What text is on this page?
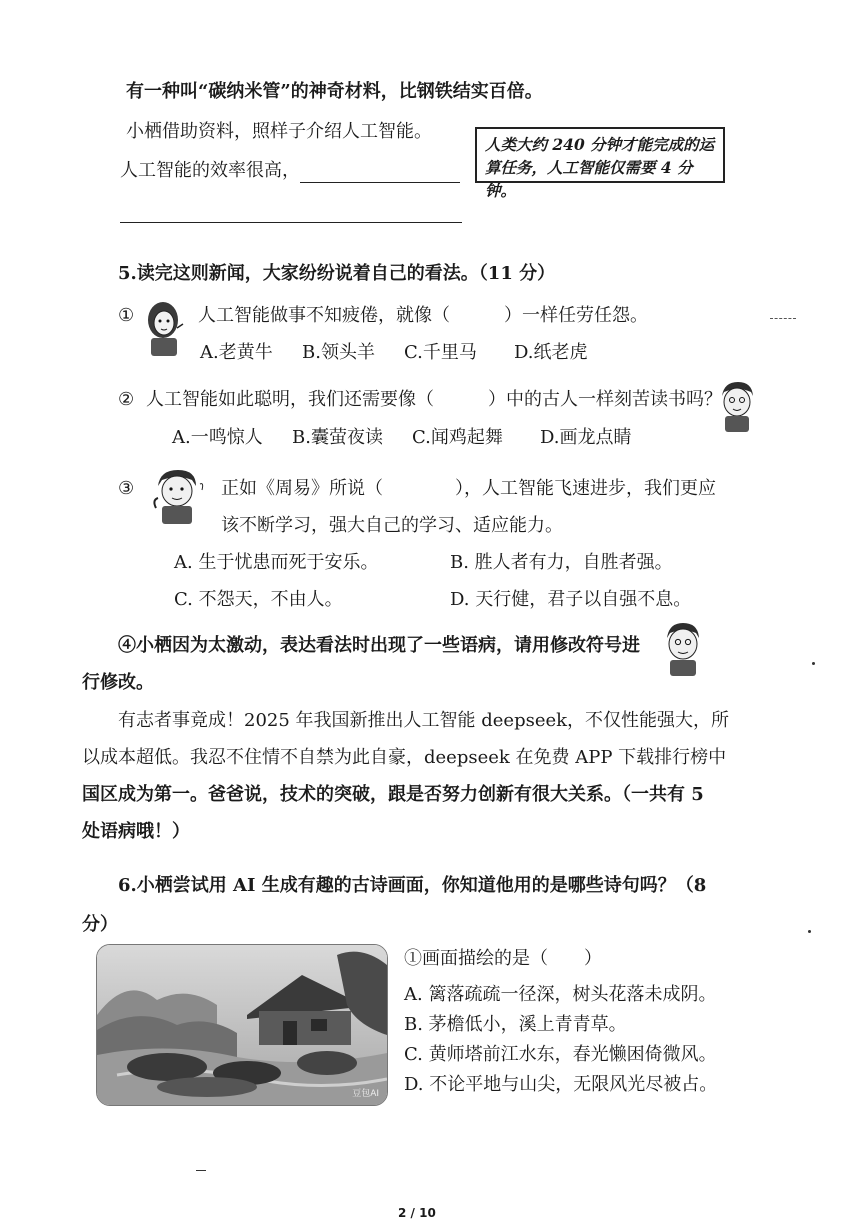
有一种叫“碳纳米管”的神奇材料，比钢铁结实百倍。
小栖借助资料，照样子介绍人工智能。
人工智能的效率很高，
人类大约 240 分钟才能完成的运算任务，人工智能仅需要 4 分钟。
5.读完这则新闻，大家纷纷说着自己的看法。（11 分）
①	人工智能做事不知疲倦，就像（　　　）一样任劳任怨。
A.老黄牛 B.领头羊 C.千里马 D.纸老虎
② 人工智能如此聪明，我们还需要像（　　　）中的古人一样刻苦读书吗？
A.一鸣惊人 B.囊萤夜读 C.闻鸡起舞 D.画龙点睛
③	正如《周易》所说（　　　　），人工智能飞速进步，我们更应
该不断学习，强大自己的学习、适应能力。
A. 生于忧患而死于安乐。	B. 胜人者有力，自胜者强。
C. 不怨天，不由人。	D. 天行健，君子以自强不息。
④小栖因为太激动，表达看法时出现了一些语病，请用修改符号进
行修改。
有志者事竟成！2025 年我国新推出人工智能 deepseek，不仅性能强大，所
以成本超低。我忍不住情不自禁为此自豪，deepseek 在免费 APP 下载排行榜中
国区成为第一。爸爸说，技术的突破，跟是否努力创新有很大关系。（一共有 5
处语病哦！）
6.小栖尝试用 AI 生成有趣的古诗画面，你知道他用的是哪些诗句吗？（8
分）
豆包AI
①画面描绘的是（　　）
A. 篱落疏疏一径深，树头花落未成阴。
B. 茅檐低小，溪上青青草。
C. 黄师塔前江水东，春光懒困倚微风。
D. 不论平地与山尖，无限风光尽被占。
2 / 10
